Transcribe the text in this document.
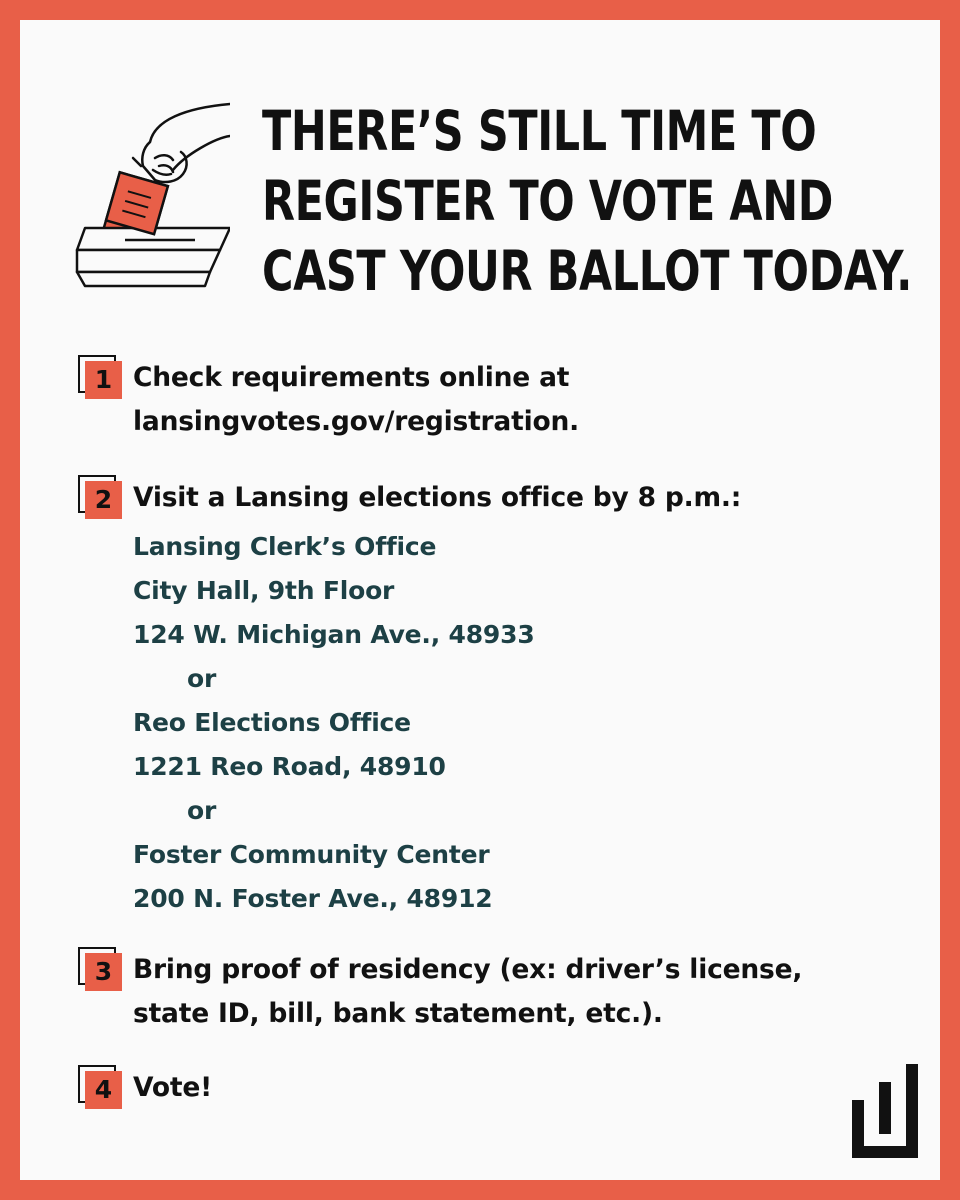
THERE’S STILL TIME TO
REGISTER TO VOTE AND
CAST YOUR BALLOT TODAY.
1 Check requirements online at
lansingvotes.gov/registration.

2 Visit a Lansing elections office by 8 p.m.:

Lansing Clerk’s Office
City Hall, 9th Floor
124 W. Michigan Ave., 48933
or
Reo Elections Office
1221 Reo Road, 48910
or
Foster Community Center
200 N. Foster Ave., 48912
3 Bring proof of residency (ex: driver’s license,
state ID, bill, bank statement, etc.).

4 Vote!
